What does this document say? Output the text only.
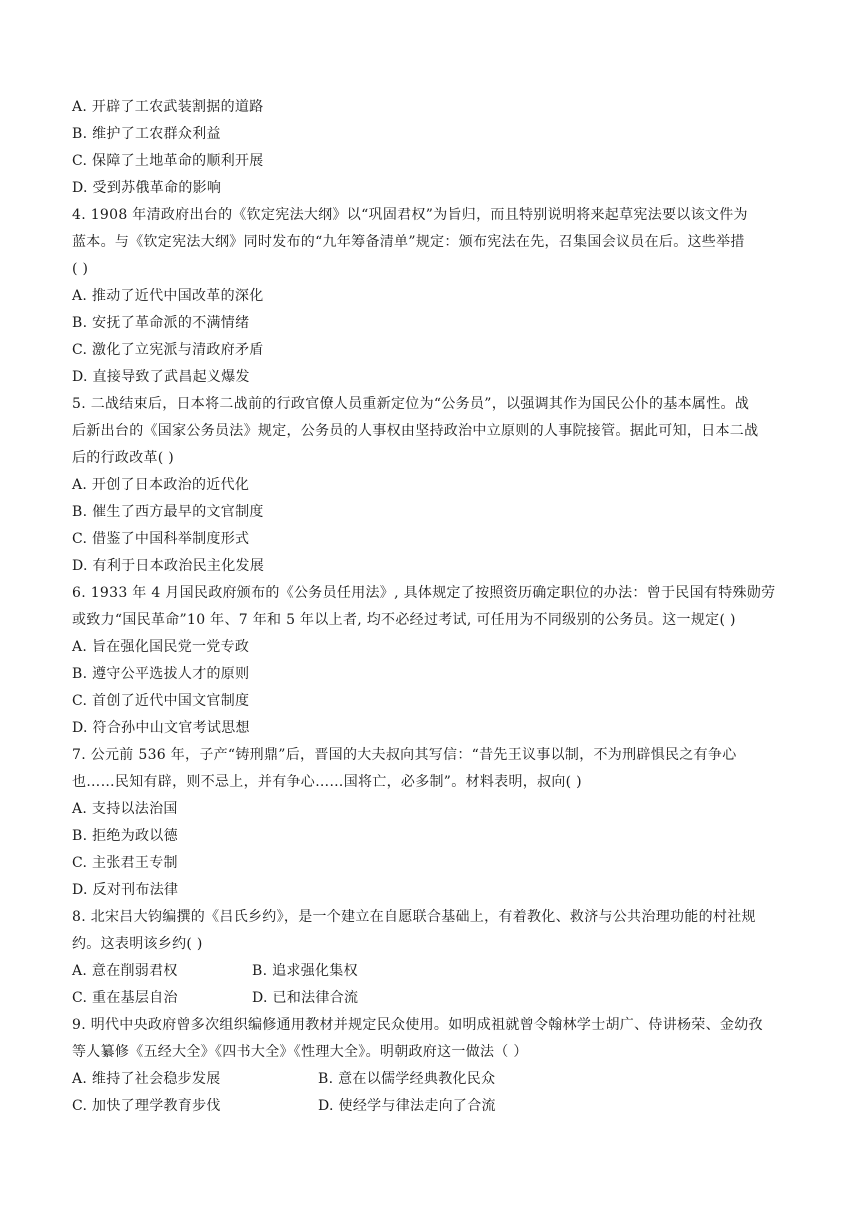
A. 开辟了工农武装割据的道路
B. 维护了工农群众利益
C. 保障了土地革命的顺利开展
D. 受到苏俄革命的影响
4. 1908 年清政府出台的《钦定宪法大纲》以“巩固君权”为旨归，而且特别说明将来起草宪法要以该文件为
蓝本。与《钦定宪法大纲》同时发布的“九年筹备清单”规定：颁布宪法在先，召集国会议员在后。这些举措
( )
A. 推动了近代中国改革的深化
B. 安抚了革命派的不满情绪
C. 激化了立宪派与清政府矛盾
D. 直接导致了武昌起义爆发
5. 二战结束后，日本将二战前的行政官僚人员重新定位为“公务员”，以强调其作为国民公仆的基本属性。战
后新出台的《国家公务员法》规定，公务员的人事权由坚持政治中立原则的人事院接管。据此可知，日本二战
后的行政改革( )
A. 开创了日本政治的近代化
B. 催生了西方最早的文官制度
C. 借鉴了中国科举制度形式
D. 有利于日本政治民主化发展
6. 1933 年 4 月国民政府颁布的《公务员任用法》, 具体规定了按照资历确定职位的办法：曾于民国有特殊勋劳
或致力“国民革命”10 年、7 年和 5 年以上者, 均不必经过考试, 可任用为不同级别的公务员。这一规定( )
A. 旨在强化国民党一党专政
B. 遵守公平选拔人才的原则
C. 首创了近代中国文官制度
D. 符合孙中山文官考试思想
7. 公元前 536 年，子产“铸刑鼎”后，晋国的大夫叔向其写信：“昔先王议事以制，不为刑辟惧民之有争心
也……民知有辟，则不忌上，并有争心……国将亡，必多制”。材料表明，叔向( )
A. 支持以法治国
B. 拒绝为政以德
C. 主张君王专制
D. 反对刊布法律
8. 北宋吕大钧编撰的《吕氏乡约》，是一个建立在自愿联合基础上，有着教化、救济与公共治理功能的村社规
约。这表明该乡约( )
A. 意在削弱君权	B. 追求强化集权
C. 重在基层自治	D. 已和法律合流
9. 明代中央政府曾多次组织编修通用教材并规定民众使用。如明成祖就曾令翰林学士胡广、侍讲杨荣、金幼孜
等人纂修《五经大全》《四书大全》《性理大全》。明朝政府这一做法（ ）
A. 维持了社会稳步发展	B. 意在以儒学经典教化民众
C. 加快了理学教育步伐	D. 使经学与律法走向了合流
